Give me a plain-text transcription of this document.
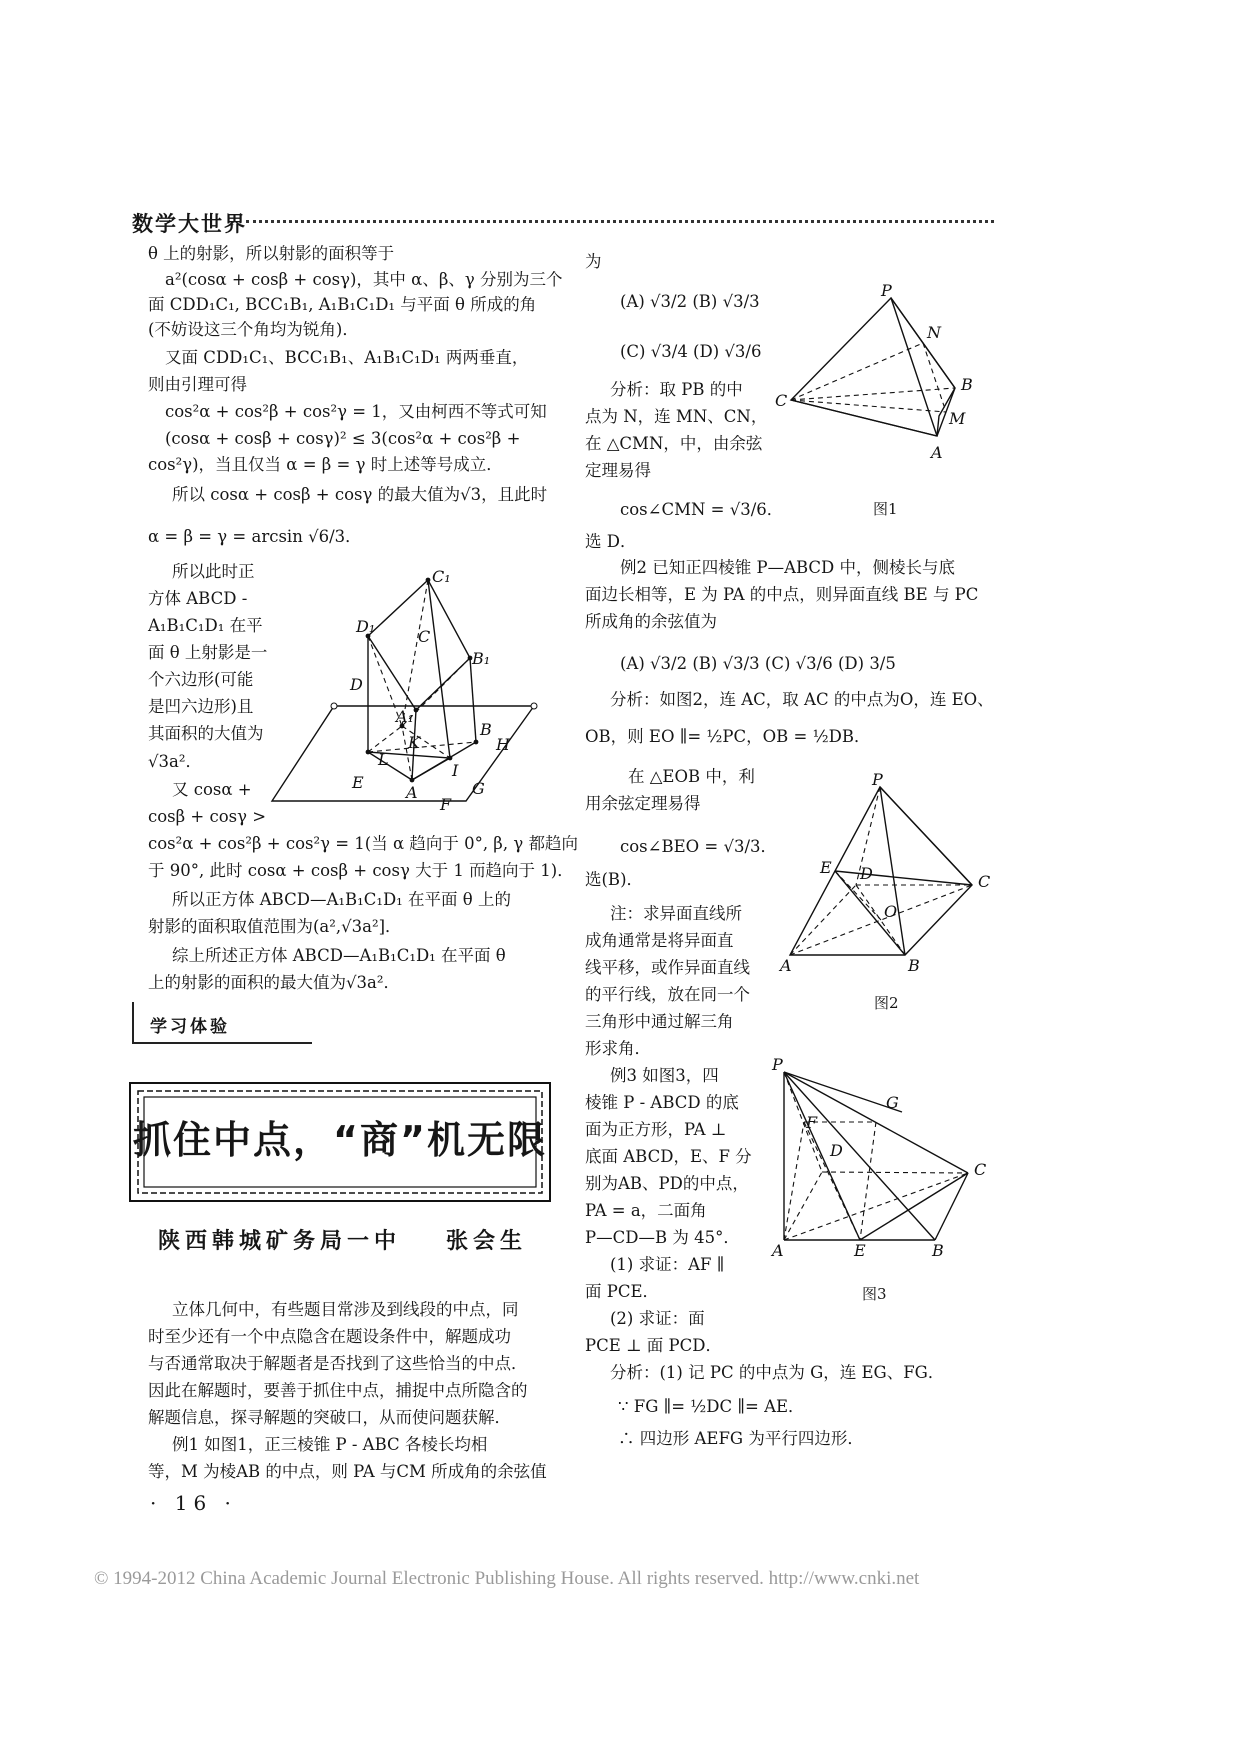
数学大世界
θ 上的射影，所以射影的面积等于
a²(cosα + cosβ + cosγ)，其中 α、β、γ 分别为三个
面 CDD₁C₁, BCC₁B₁, A₁B₁C₁D₁ 与平面 θ 所成的角
(不妨设这三个角均为锐角)．
又面 CDD₁C₁、BCC₁B₁、A₁B₁C₁D₁ 两两垂直，
则由引理可得
cos²α + cos²β + cos²γ = 1，又由柯西不等式可知
(cosα + cosβ + cosγ)² ≤ 3(cos²α + cos²β +
cos²γ)，当且仅当 α = β = γ 时上述等号成立．
所以 cosα + cosβ + cosγ 的最大值为√3，且此时
α = β = γ = arcsin √6/3．
所以此时正
方体 ABCD -
A₁B₁C₁D₁ 在平
面 θ 上射影是一
个六边形(可能
是凹六边形)且
其面积的大值为
√3a²．
又 cosα +
cosβ + cosγ >
cos²α + cos²β + cos²γ = 1(当 α 趋向于 0°, β, γ 都趋向
于 90°, 此时 cosα + cosβ + cosγ 大于 1 而趋向于 1)．
所以正方体 ABCD—A₁B₁C₁D₁ 在平面 θ 上的
射影的面积取值范围为(a²,√3a²]．
综上所述正方体 ABCD—A₁B₁C₁D₁ 在平面 θ
上的射影的面积的最大值为√3a²．
C₁
D₁
C
D
B₁
A₁
B
H
K
L
I
E
A
F
G
学习体验
抓住中点，“商”机无限
陕西韩城矿务局一中 张会生
立体几何中，有些题目常涉及到线段的中点，同
时至少还有一个中点隐含在题设条件中，解题成功
与否通常取决于解题者是否找到了这些恰当的中点．
因此在解题时，要善于抓住中点，捕捉中点所隐含的
解题信息，探寻解题的突破口，从而使问题获解．
例1 如图1，正三棱锥 P - ABC 各棱长均相
等，M 为棱AB 的中点，则 PA 与CM 所成角的余弦值
· 16 ·
为
(A) √3/2 (B) √3/3
(C) √3/4 (D) √3/6
分析：取 PB 的中
点为 N，连 MN、CN，
在 △CMN，中，由余弦
定理易得
cos∠CMN = √3/6．
选 D．
例2 已知正四棱锥 P—ABCD 中，侧棱长与底
面边长相等，E 为 PA 的中点，则异面直线 BE 与 PC
所成角的余弦值为
(A) √3/2 (B) √3/3 (C) √3/6 (D) 3/5
分析：如图2，连 AC，取 AC 的中点为O，连 EO、
OB，则 EO ∥= ½PC，OB = ½DB．
在 △EOB 中，利
用余弦定理易得
cos∠BEO = √3/3．
选(B)．
注：求异面直线所
成角通常是将异面直
线平移，或作异面直线
的平行线，放在同一个
三角形中通过解三角
形求角．
例3 如图3，四
棱锥 P - ABCD 的底
面为正方形，PA ⊥
底面 ABCD，E、F 分
别为AB、PD的中点，
PA = a，二面角
P—CD—B 为 45°．
(1) 求证：AF ∥
面 PCE．
(2) 求证：面
PCE ⊥ 面 PCD．
分析：(1) 记 PC 的中点为 G，连 EG、FG．
∵ FG ∥= ½DC ∥= AE．
∴ 四边形 AEFG 为平行四边形．
P
N
C
B
M
A
图1
P
E D	C
O
A	B
图2
P
G
F
D
C
A	E	B
图3
© 1994-2012 China Academic Journal Electronic Publishing House. All rights reserved. http://www.cnki.net
